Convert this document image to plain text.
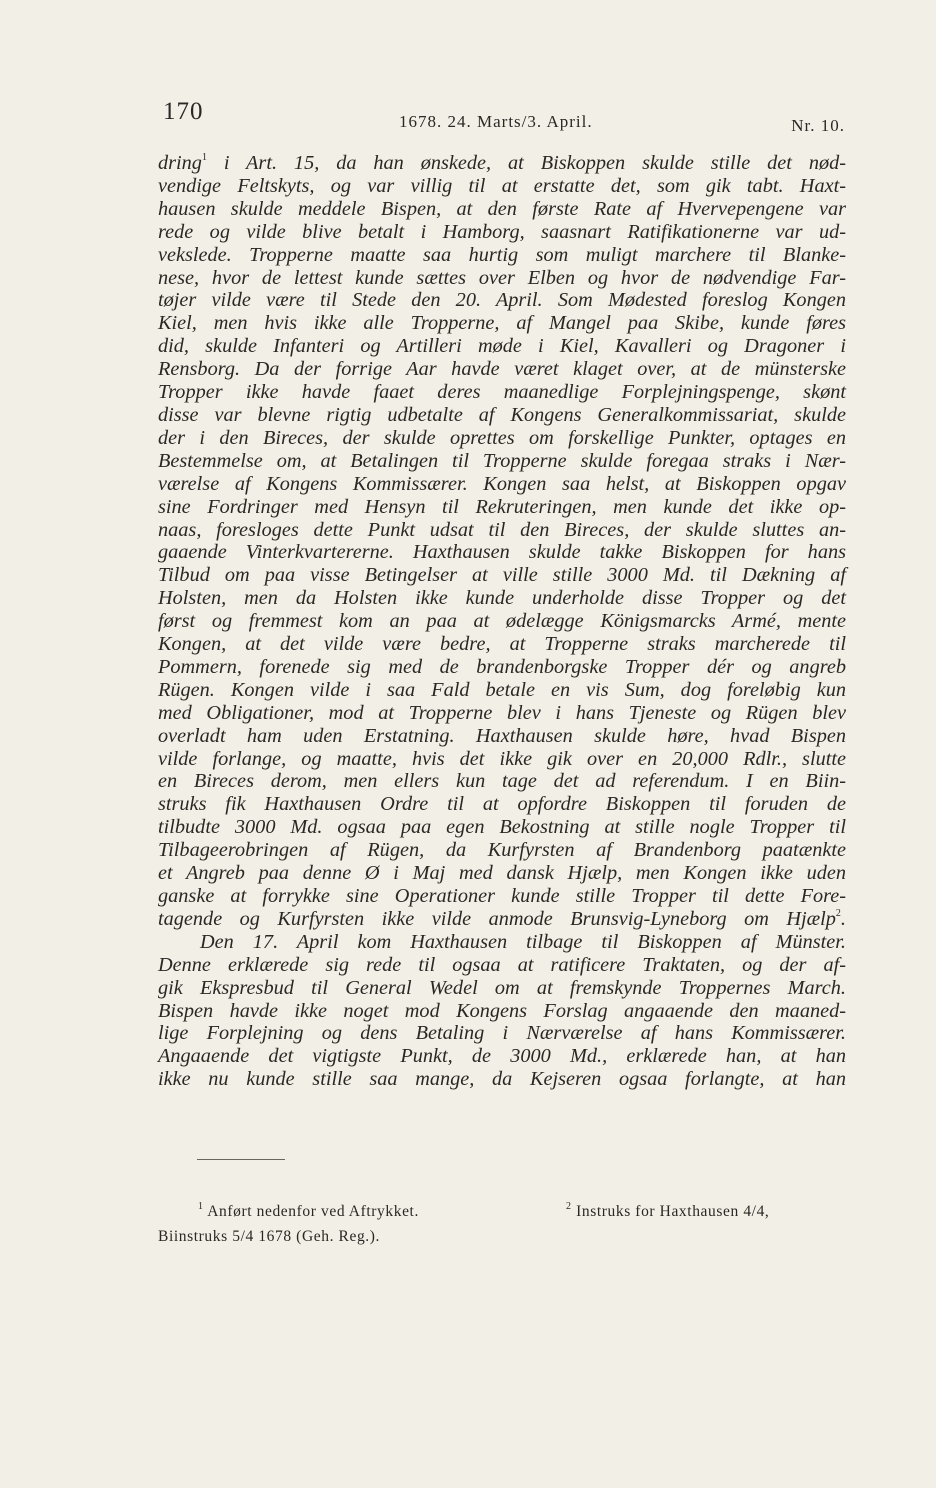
170	1678. 24. Marts/3. April.	Nr. 10.
dring$^1$ i Art. 15, da han ønskede, at Biskoppen skulde stille det nød-
vendige Feltskyts, og var villig til at erstatte det, som gik tabt. Haxt-
hausen skulde meddele Bispen, at den første Rate af Hvervepengene var
rede og vilde blive betalt i Hamborg, saasnart Ratifikationerne var ud-
vekslede. Tropperne maatte saa hurtig som muligt marchere til Blanke-
nese, hvor de lettest kunde sættes over Elben og hvor de nødvendige Far-
tøjer vilde være til Stede den 20. April. Som Mødested foreslog Kongen
Kiel, men hvis ikke alle Tropperne, af Mangel paa Skibe, kunde føres
did, skulde Infanteri og Artilleri møde i Kiel, Kavalleri og Dragoner i
Rensborg. Da der forrige Aar havde været klaget over, at de münsterske
Tropper ikke havde faaet deres maanedlige Forplejningspenge, skønt
disse var blevne rigtig udbetalte af Kongens Generalkommissariat, skulde
der i den Bireces, der skulde oprettes om forskellige Punkter, optages en
Bestemmelse om, at Betalingen til Tropperne skulde foregaa straks i Nær-
værelse af Kongens Kommissærer. Kongen saa helst, at Biskoppen opgav
sine Fordringer med Hensyn til Rekruteringen, men kunde det ikke op-
naas, foresloges dette Punkt udsat til den Bireces, der skulde sluttes an-
gaaende Vinterkvartererne. Haxthausen skulde takke Biskoppen for hans
Tilbud om paa visse Betingelser at ville stille 3000 Md. til Dækning af
Holsten, men da Holsten ikke kunde underholde disse Tropper og det
først og fremmest kom an paa at ødelægge Königsmarcks Armé, mente
Kongen, at det vilde være bedre, at Tropperne straks marcherede til
Pommern, forenede sig med de brandenborgske Tropper dér og angreb
Rügen. Kongen vilde i saa Fald betale en vis Sum, dog foreløbig kun
med Obligationer, mod at Tropperne blev i hans Tjeneste og Rügen blev
overladt ham uden Erstatning. Haxthausen skulde høre, hvad Bispen
vilde forlange, og maatte, hvis det ikke gik over en 20,000 Rdlr., slutte
en Bireces derom, men ellers kun tage det ad referendum. I en Biin-
struks fik Haxthausen Ordre til at opfordre Biskoppen til foruden de
tilbudte 3000 Md. ogsaa paa egen Bekostning at stille nogle Tropper til
Tilbageerobringen af Rügen, da Kurfyrsten af Brandenborg paatænkte
et Angreb paa denne Ø i Maj med dansk Hjælp, men Kongen ikke uden
ganske at forrykke sine Operationer kunde stille Tropper til dette Fore-
tagende og Kurfyrsten ikke vilde anmode Brunsvig-Lyneborg om Hjælp$^2$.
Den 17. April kom Haxthausen tilbage til Biskoppen af Münster.
Denne erklærede sig rede til ogsaa at ratificere Traktaten, og der af-
gik Ekspresbud til General Wedel om at fremskynde Troppernes March.
Bispen havde ikke noget mod Kongens Forslag angaaende den maaned-
lige Forplejning og dens Betaling i Nærværelse af hans Kommissærer.
Angaaende det vigtigste Punkt, de 3000 Md., erklærede han, at han
ikke nu kunde stille saa mange, da Kejseren ogsaa forlangte, at han
$^1$ Anført nedenfor ved Aftrykket.	$^2$ Instruks for Haxthausen 4/4,
Biinstruks 5/4 1678 (Geh. Reg.).
